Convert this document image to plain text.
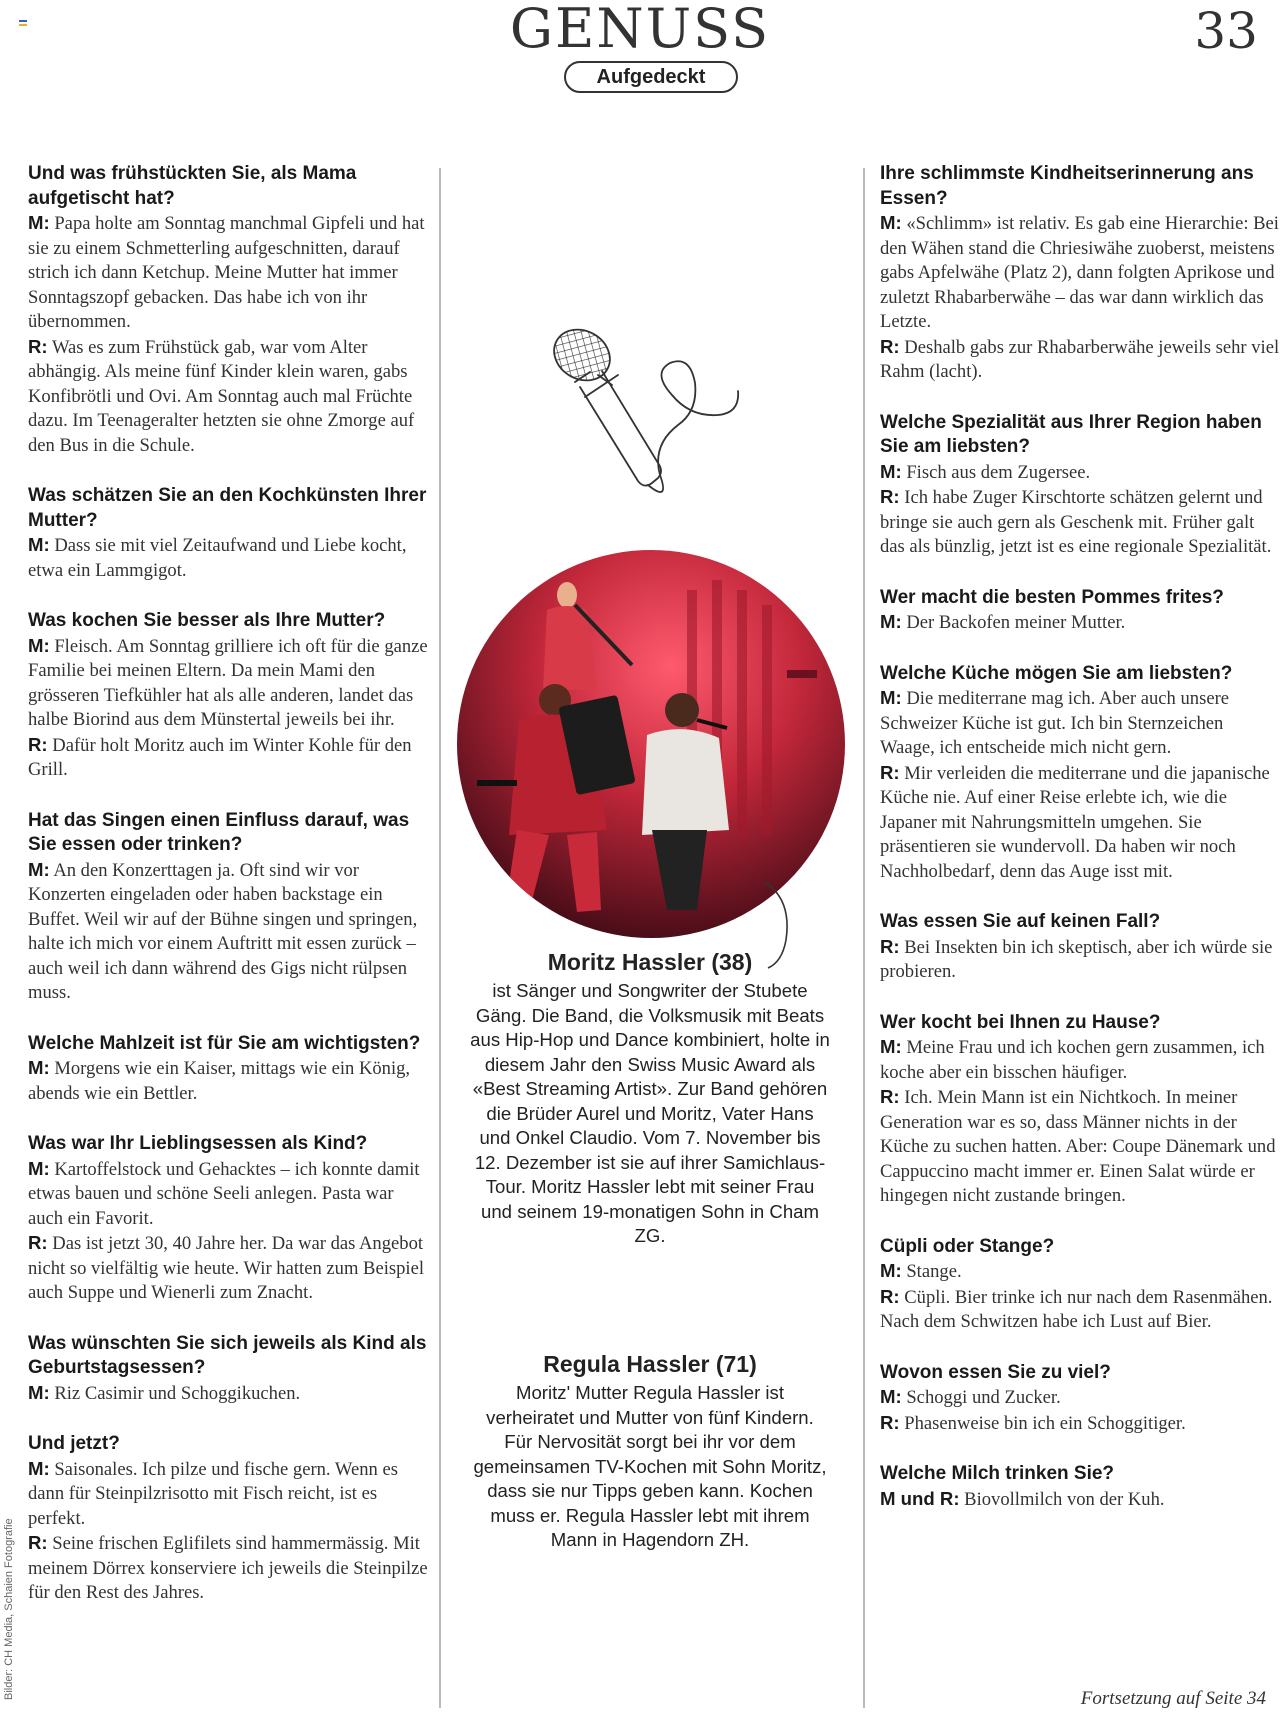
GENUSS
Aufgedeckt
33

Und was frühstückten Sie, als Mama aufgetischt hat?

M: Papa holte am Sonntag manchmal Gipfeli und hat sie zu einem Schmetterling aufgeschnitten, darauf strich ich dann Ketchup. Meine Mutter hat immer Sonntagszopf gebacken. Das habe ich von ihr übernommen.

R: Was es zum Frühstück gab, war vom Alter abhängig. Als meine fünf Kinder klein waren, gabs Konfibrötli und Ovi. Am Sonntag auch mal Früchte dazu. Im Teenageralter hetzten sie ohne Zmorge auf den Bus in die Schule.

Was schätzen Sie an den Kochkünsten Ihrer Mutter?

M: Dass sie mit viel Zeitaufwand und Liebe kocht, etwa ein Lammgigot.

Was kochen Sie besser als Ihre Mutter?

M: Fleisch. Am Sonntag grilliere ich oft für die ganze Familie bei meinen Eltern. Da mein Mami den grösseren Tiefkühler hat als alle anderen, landet das halbe Biorind aus dem Münstertal jeweils bei ihr.

R: Dafür holt Moritz auch im Winter Kohle für den Grill.

Hat das Singen einen Einfluss darauf, was Sie essen oder trinken?

M: An den Konzerttagen ja. Oft sind wir vor Konzerten eingeladen oder haben backstage ein Buffet. Weil wir auf der Bühne singen und springen, halte ich mich vor einem Auftritt mit essen zurück – auch weil ich dann während des Gigs nicht rülpsen muss.

Welche Mahlzeit ist für Sie am wichtigsten?

M: Morgens wie ein Kaiser, mittags wie ein König, abends wie ein Bettler.

Was war Ihr Lieblingsessen als Kind?

M: Kartoffelstock und Gehacktes – ich konnte damit etwas bauen und schöne Seeli anlegen. Pasta war auch ein Favorit.

R: Das ist jetzt 30, 40 Jahre her. Da war das Angebot nicht so vielfältig wie heute. Wir hatten zum Beispiel auch Suppe und Wienerli zum Znacht.

Was wünschten Sie sich jeweils als Kind als Geburtstagsessen?

M: Riz Casimir und Schoggikuchen.

Und jetzt?

M: Saisonales. Ich pilze und fische gern. Wenn es dann für Steinpilzrisotto mit Fisch reicht, ist es perfekt.

R: Seine frischen Eglifilets sind hammermässig. Mit meinem Dörrex konserviere ich jeweils die Steinpilze für den Rest des Jahres.

Ihre schlimmste Kindheitserinnerung ans Essen?

M: «Schlimm» ist relativ. Es gab eine Hierarchie: Bei den Wähen stand die Chriesiwähe zuoberst, meistens gabs Apfelwähe (Platz 2), dann folgten Aprikose und zuletzt Rhabarberwähe – das war dann wirklich das Letzte.

R: Deshalb gabs zur Rhabarberwähe jeweils sehr viel Rahm (lacht).

Welche Spezialität aus Ihrer Region haben Sie am liebsten?

M: Fisch aus dem Zugersee.

R: Ich habe Zuger Kirschtorte schätzen gelernt und bringe sie auch gern als Geschenk mit. Früher galt das als bünzlig, jetzt ist es eine regionale Spezialität.

Wer macht die besten Pommes frites?

M: Der Backofen meiner Mutter.

Welche Küche mögen Sie am liebsten?

M: Die mediterrane mag ich. Aber auch unsere Schweizer Küche ist gut. Ich bin Sternzeichen Waage, ich entscheide mich nicht gern.

R: Mir verleiden die mediterrane und die japanische Küche nie. Auf einer Reise erlebte ich, wie die Japaner mit Nahrungsmitteln umgehen. Sie präsentieren sie wundervoll. Da haben wir noch Nachholbedarf, denn das Auge isst mit.

Was essen Sie auf keinen Fall?

R: Bei Insekten bin ich skeptisch, aber ich würde sie probieren.

Wer kocht bei Ihnen zu Hause?

M: Meine Frau und ich kochen gern zusammen, ich koche aber ein bisschen häufiger.

R: Ich. Mein Mann ist ein Nichtkoch. In meiner Generation war es so, dass Männer nichts in der Küche zu suchen hatten. Aber: Coupe Dänemark und Cappuccino macht immer er. Einen Salat würde er hingegen nicht zustande bringen.

Cüpli oder Stange?

M: Stange.

R: Cüpli. Bier trinke ich nur nach dem Rasenmähen. Nach dem Schwitzen habe ich Lust auf Bier.

Wovon essen Sie zu viel?

M: Schoggi und Zucker.

R: Phasenweise bin ich ein Schoggitiger.

Welche Milch trinken Sie?

M und R: Biovollmilch von der Kuh.

Moritz Hassler (38)

ist Sänger und Songwriter der Stubete Gäng. Die Band, die Volksmusik mit Beats aus Hip-Hop und Dance kombiniert, holte in diesem Jahr den Swiss Music Award als «Best Streaming Artist». Zur Band gehören die Brüder Aurel und Moritz, Vater Hans und Onkel Claudio. Vom 7. November bis 12. Dezember ist sie auf ihrer Samichlaus-Tour. Moritz Hassler lebt mit seiner Frau und seinem 19-monatigen Sohn in Cham ZG.

Regula Hassler (71)

Moritz' Mutter Regula Hassler ist verheiratet und Mutter von fünf Kindern. Für Nervosität sorgt bei ihr vor dem gemeinsamen TV-Kochen mit Sohn Moritz, dass sie nur Tipps geben kann. Kochen muss er. Regula Hassler lebt mit ihrem Mann in Hagendorn ZH.

Bilder: CH Media, Schaien Fotografie	Fortsetzung auf Seite 34
